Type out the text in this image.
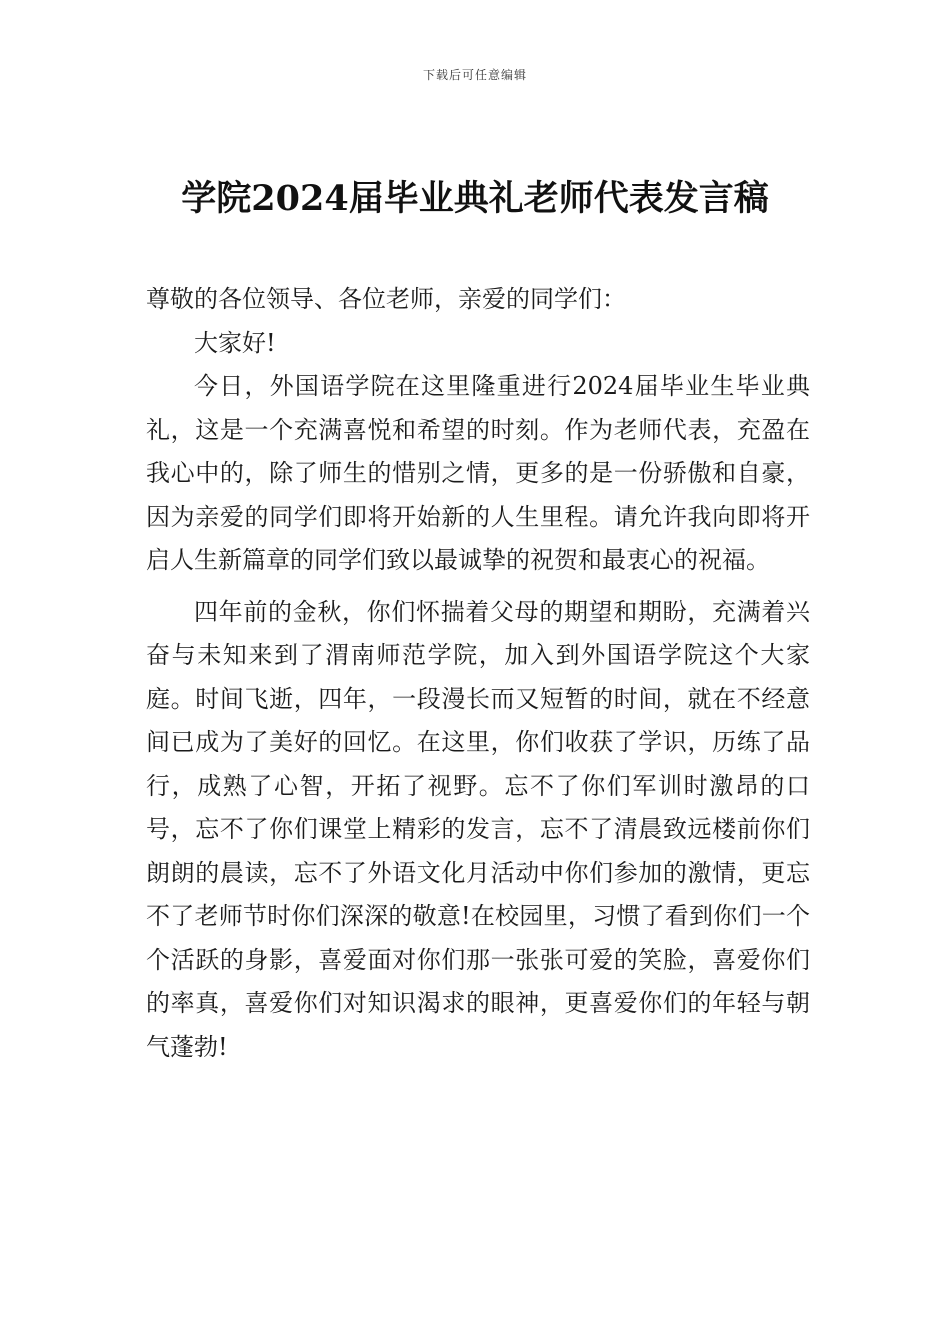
下载后可任意编辑
学院2024届毕业典礼老师代表发言稿

尊敬的各位领导、各位老师，亲爱的同学们：

大家好!

今日，外国语学院在这里隆重进行2024届毕业生毕业典礼，这是一个充满喜悦和希望的时刻。作为老师代表，充盈在我心中的，除了师生的惜别之情，更多的是一份骄傲和自豪，因为亲爱的同学们即将开始新的人生里程。请允许我向即将开启人生新篇章的同学们致以最诚挚的祝贺和最衷心的祝福。

四年前的金秋，你们怀揣着父母的期望和期盼，充满着兴奋与未知来到了渭南师范学院，加入到外国语学院这个大家庭。时间飞逝，四年，一段漫长而又短暂的时间，就在不经意间已成为了美好的回忆。在这里，你们收获了学识，历练了品行，成熟了心智，开拓了视野。忘不了你们军训时激昂的口号，忘不了你们课堂上精彩的发言，忘不了清晨致远楼前你们朗朗的晨读，忘不了外语文化月活动中你们参加的激情，更忘不了老师节时你们深深的敬意!在校园里，习惯了看到你们一个个活跃的身影，喜爱面对你们那一张张可爱的笑脸，喜爱你们的率真，喜爱你们对知识渴求的眼神，更喜爱你们的年轻与朝气蓬勃!
